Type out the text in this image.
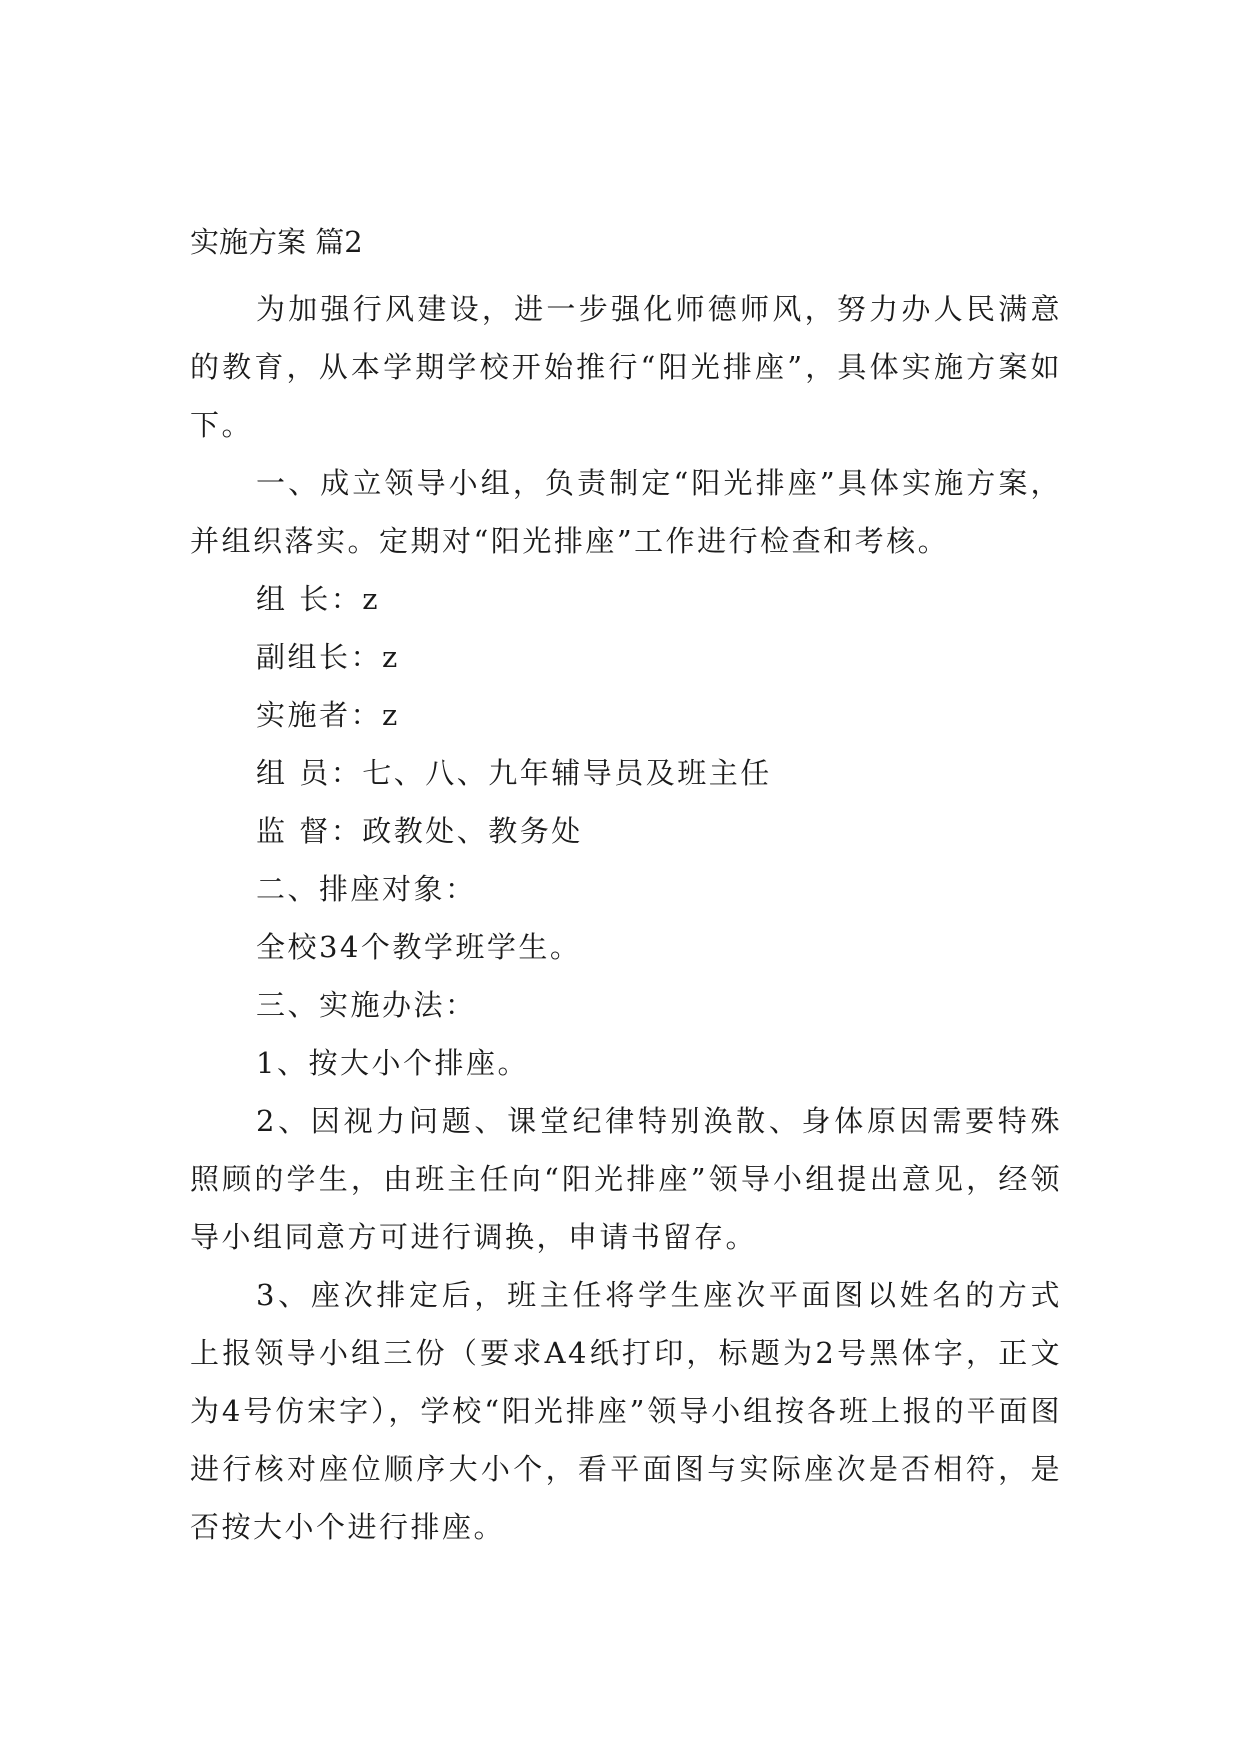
实施方案 篇2

为加强行风建设，进一步强化师德师风，努力办人民满意的教育，从本学期学校开始推行“阳光排座”，具体实施方案如下。

一、成立领导小组，负责制定“阳光排座”具体实施方案，并组织落实。定期对“阳光排座”工作进行检查和考核。

组 长：z

副组长：z

实施者：z

组 员：七、八、九年辅导员及班主任

监 督：政教处、教务处

二、排座对象：

全校34个教学班学生。

三、实施办法：

1、按大小个排座。

2、因视力问题、课堂纪律特别涣散、身体原因需要特殊照顾的学生，由班主任向“阳光排座”领导小组提出意见，经领导小组同意方可进行调换，申请书留存。

3、座次排定后，班主任将学生座次平面图以姓名的方式上报领导小组三份（要求A4纸打印，标题为2号黑体字，正文为4号仿宋字），学校“阳光排座”领导小组按各班上报的平面图进行核对座位顺序大小个，看平面图与实际座次是否相符，是否按大小个进行排座。
